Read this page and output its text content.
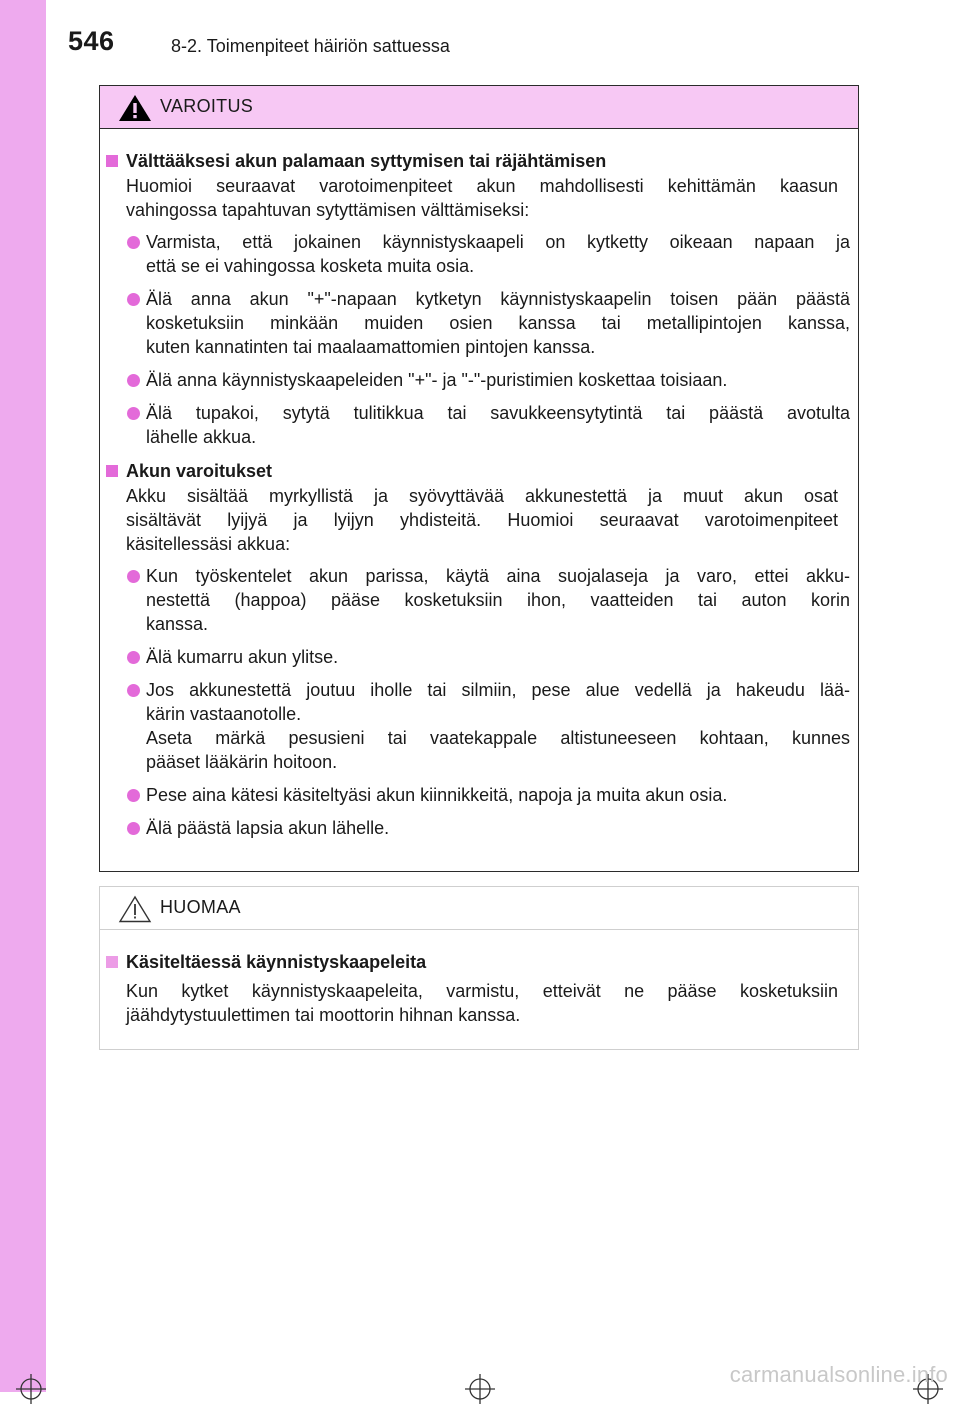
546	8-2. Toimenpiteet häiriön sattuessa
VAROITUS

Välttääksesi akun palamaan syttymisen tai räjähtämisen

Huomioi seuraavat varotoimenpiteet akun mahdollisesti kehittämän kaasun
vahingossa tapahtuvan sytyttämisen välttämiseksi:

Varmista, että jokainen käynnistyskaapeli on kytketty oikeaan napaan ja
että se ei vahingossa kosketa muita osia.

Älä anna akun "+"-napaan kytketyn käynnistyskaapelin toisen pään päästä
kosketuksiin minkään muiden osien kanssa tai metallipintojen kanssa,
kuten kannatinten tai maalaamattomien pintojen kanssa.

Älä anna käynnistyskaapeleiden "+"- ja "-"-puristimien koskettaa toisiaan.

Älä tupakoi, sytytä tulitikkua tai savukkeensytytintä tai päästä avotulta
lähelle akkua.

Akun varoitukset

Akku sisältää myrkyllistä ja syövyttävää akkunestettä ja muut akun osat
sisältävät lyijyä ja lyijyn yhdisteitä. Huomioi seuraavat varotoimenpiteet
käsitellessäsi akkua:

Kun työskentelet akun parissa, käytä aina suojalaseja ja varo, ettei akku-
nestettä (happoa) pääse kosketuksiin ihon, vaatteiden tai auton korin
kanssa.

Älä kumarru akun ylitse.

Jos akkunestettä joutuu iholle tai silmiin, pese alue vedellä ja hakeudu lää-
kärin vastaanotolle.
Aseta märkä pesusieni tai vaatekappale altistuneeseen kohtaan, kunnes
pääset lääkärin hoitoon.

Pese aina kätesi käsiteltyäsi akun kiinnikkeitä, napoja ja muita akun osia.

Älä päästä lapsia akun lähelle.

HUOMAA

Käsiteltäessä käynnistyskaapeleita

Kun kytket käynnistyskaapeleita, varmistu, etteivät ne pääse kosketuksiin
jäähdytystuulettimen tai moottorin hihnan kanssa.

carmanualsonline.info
